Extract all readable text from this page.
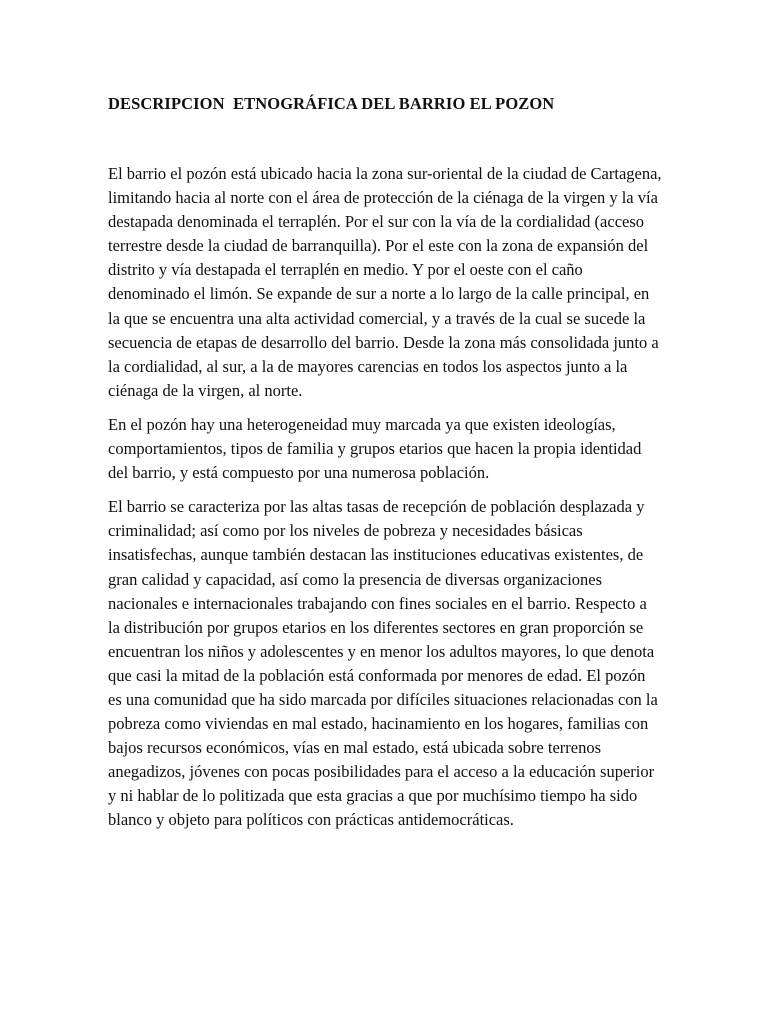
DESCRIPCION  ETNOGRÁFICA DEL BARRIO EL POZON

El barrio el pozón está ubicado hacia la zona sur-oriental de la ciudad de Cartagena, limitando hacia al norte con el área de protección de la ciénaga de la virgen y la vía destapada denominada el terraplén. Por el sur con la vía de la cordialidad (acceso terrestre desde la ciudad de barranquilla). Por el este con la zona de expansión del distrito y vía destapada el terraplén en medio. Y por el oeste con el caño denominado el limón. Se expande de sur a norte a lo largo de la calle principal, en la que se encuentra una alta actividad comercial, y a través de la cual se sucede la secuencia de etapas de desarrollo del barrio. Desde la zona más consolidada junto a la cordialidad, al sur, a la de mayores carencias en todos los aspectos junto a la ciénaga de la virgen, al norte.

En el pozón hay una heterogeneidad muy marcada ya que existen ideologías, comportamientos, tipos de familia y grupos etarios que hacen la propia identidad del barrio, y está compuesto por una numerosa población.

El barrio se caracteriza por las altas tasas de recepción de población desplazada y criminalidad; así como por los niveles de pobreza y necesidades básicas insatisfechas, aunque también destacan las instituciones educativas existentes, de gran calidad y capacidad, así como la presencia de diversas organizaciones nacionales e internacionales trabajando con fines sociales en el barrio. Respecto a la distribución por grupos etarios en los diferentes sectores en gran proporción se encuentran los niños y adolescentes y en menor los adultos mayores, lo que denota que casi la mitad de la población está conformada por menores de edad. El pozón es una comunidad que ha sido marcada por difíciles situaciones relacionadas con la pobreza como viviendas en mal estado, hacinamiento en los hogares, familias con bajos recursos económicos, vías en mal estado, está ubicada sobre terrenos anegadizos, jóvenes con pocas posibilidades para el acceso a la educación superior y ni hablar de lo politizada que esta gracias a que por muchísimo tiempo ha sido blanco y objeto para políticos con prácticas antidemocráticas.
